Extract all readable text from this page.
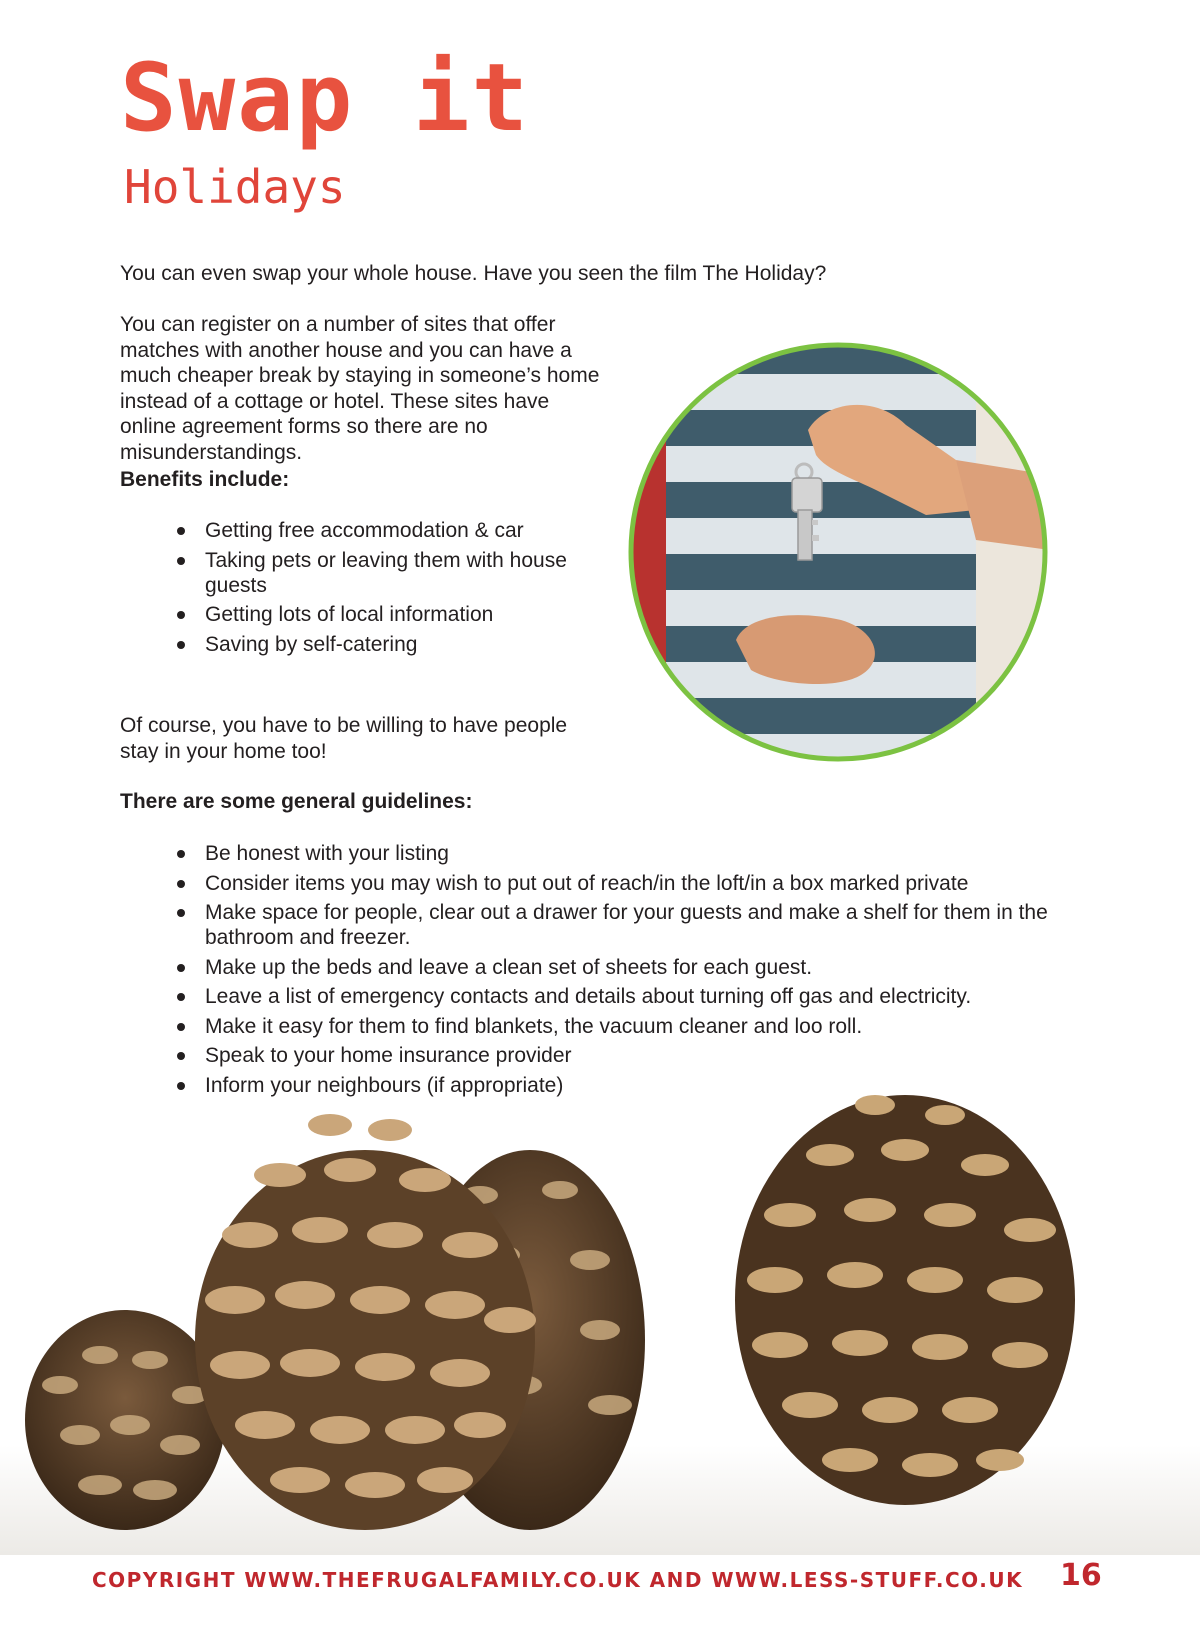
Swap it
Holidays

You can even swap your whole house. Have you seen the film The Holiday?

You can register on a number of sites that offer matches with another house and you can have a much cheaper break by staying in someone’s home instead of a cottage or hotel. These sites have online agreement forms so there are no misunderstandings.

Benefits include:

Getting free accommodation & car
Taking pets or leaving them with house guests
Getting lots of local information
Saving by self-catering

Of course, you have to be willing to have people stay in your home too!

There are some general guidelines:

Be honest with your listing
Consider items you may wish to put out of reach/in the loft/in a box marked private
Make space for people, clear out a drawer for your guests and make a shelf for them in the bathroom and freezer.
Make up the beds and leave a clean set of sheets for each guest.
Leave a list of emergency contacts and details about turning off gas and electricity.
Make it easy for them to find blankets, the vacuum cleaner and loo roll.
Speak to your home insurance provider
Inform your neighbours (if appropriate)
COPYRIGHT WWW.THEFRUGALFAMILY.CO.UK AND WWW.LESS-STUFF.CO.UK 16
